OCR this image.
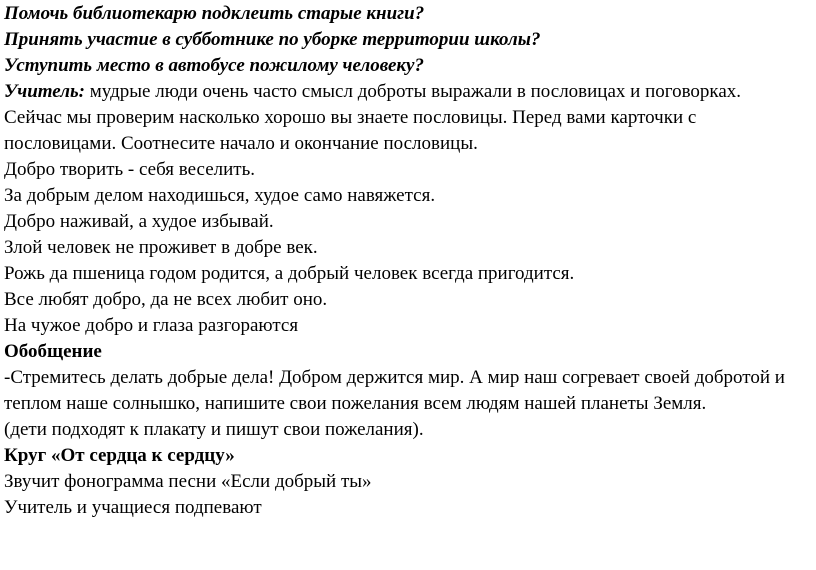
Помочь библиотекарю подклеить старые книги?

Принять участие в субботнике по уборке территории школы?

Уступить место в автобусе пожилому человеку?

Учитель: мудрые люди очень часто смысл доброты выражали в пословицах и поговорках.

Сейчас мы проверим насколько хорошо вы знаете пословицы. Перед вами карточки с пословицами. Соотнесите начало и окончание пословицы.

Добро творить - себя веселить.

За добрым делом находишься, худое само навяжется.

Добро наживай, а худое избывай.

Злой человек не проживет в добре век.

Рожь да пшеница годом родится, а добрый человек всегда пригодится.

Все любят добро, да не всех любит оно.

На чужое добро и глаза разгораются

Обобщение

-Стремитесь делать добрые дела! Добром держится мир. А мир наш согревает своей добротой и теплом наше солнышко, напишите свои пожелания всем людям нашей планеты Земля.

(дети подходят к плакату и пишут свои пожелания).

Круг «От сердца к сердцу»

Звучит фонограмма песни «Если добрый ты»

Учитель и учащиеся подпевают
